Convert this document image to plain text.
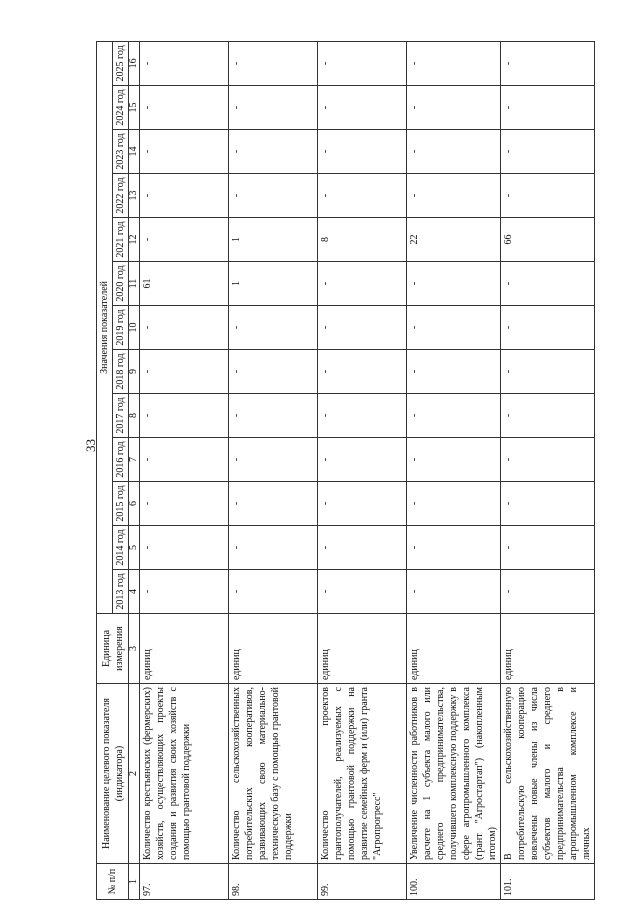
33
№ п/п	Наименование целевого показателя (индикатора)	Единица измерения	Значения показателей												
			2013 год	2014 год	2015 год	2016 год	2017 год	2018 год	2019 год	2020 год	2021 год	2022 год	2023 год	2024 год	2025 год
1	2	3	4	5	6	7	8	9	10	11	12	13	14	15	16
97.	Количество крестьянских (фермерских) хозяйств, осуществляющих проекты создания и развития своих хозяйств с помощью грантовой поддержки	единиц	-	-	-	-	-	-	-	61	-	-	-	-	-
98.	Количество сельскохозяйственных потребительских кооперативов, развивающих свою материально-техническую базу с помощью грантовой поддержки	единиц	-	-	-	-	-	-	-	1	1	-	-	-	-
99.	Количество проектов грантополучателей, реализуемых с помощью грантовой поддержки на развитие семейных ферм и (или) гранта "Агропрогресс"	единиц	-	-	-	-	-	-	-	-	8	-	-	-	-
100.	Увеличение численности работников в расчете на 1 субъекта малого или среднего предпринимательства, получившего комплексную поддержку в сфере агропромышленного комплекса (грант "Агростартап") (накопленным итогом)	единиц	-	-	-	-	-	-	-	-	22	-	-	-	-
101.	В сельскохозяйственную потребительскую кооперацию вовлечены новые члены из числа субъектов малого и среднего предпринимательства в агропромышленном комплексе и личных	единиц	-	-	-	-	-	-	-	-	66	-	-	-	-
